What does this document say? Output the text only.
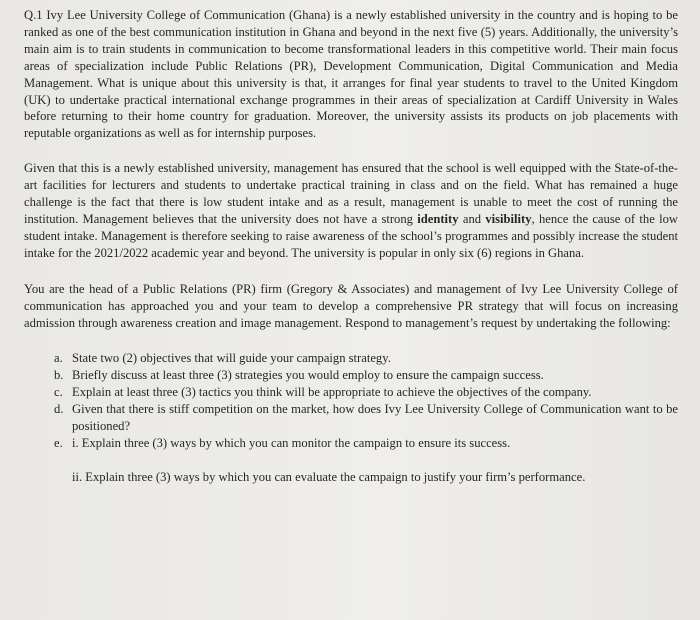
Q.1 Ivy Lee University College of Communication (Ghana) is a newly established university in the country and is hoping to be ranked as one of the best communication institution in Ghana and beyond in the next five (5) years. Additionally, the university’s main aim is to train students in communication to become transformational leaders in this competitive world. Their main focus areas of specialization include Public Relations (PR), Development Communication, Digital Communication and Media Management. What is unique about this university is that, it arranges for final year students to travel to the United Kingdom (UK) to undertake practical international exchange programmes in their areas of specialization at Cardiff University in Wales before returning to their home country for graduation. Moreover, the university assists its products on job placements with reputable organizations as well as for internship purposes.

Given that this is a newly established university, management has ensured that the school is well equipped with the State-of-the-art facilities for lecturers and students to undertake practical training in class and on the field. What has remained a huge challenge is the fact that there is low student intake and as a result, management is unable to meet the cost of running the institution. Management believes that the university does not have a strong identity and visibility, hence the cause of the low student intake. Management is therefore seeking to raise awareness of the school’s programmes and possibly increase the student intake for the 2021/2022 academic year and beyond. The university is popular in only six (6) regions in Ghana.

You are the head of a Public Relations (PR) firm (Gregory & Associates) and management of Ivy Lee University College of communication has approached you and your team to develop a comprehensive PR strategy that will focus on increasing admission through awareness creation and image management. Respond to management’s request by undertaking the following:

a. State two (2) objectives that will guide your campaign strategy.
b. Briefly discuss at least three (3) strategies you would employ to ensure the campaign success.
c. Explain at least three (3) tactics you think will be appropriate to achieve the objectives of the company.
d. Given that there is stiff competition on the market, how does Ivy Lee University College of Communication want to be positioned?
e. i. Explain three (3) ways by which you can monitor the campaign to ensure its success.
ii. Explain three (3) ways by which you can evaluate the campaign to justify your firm’s performance.
